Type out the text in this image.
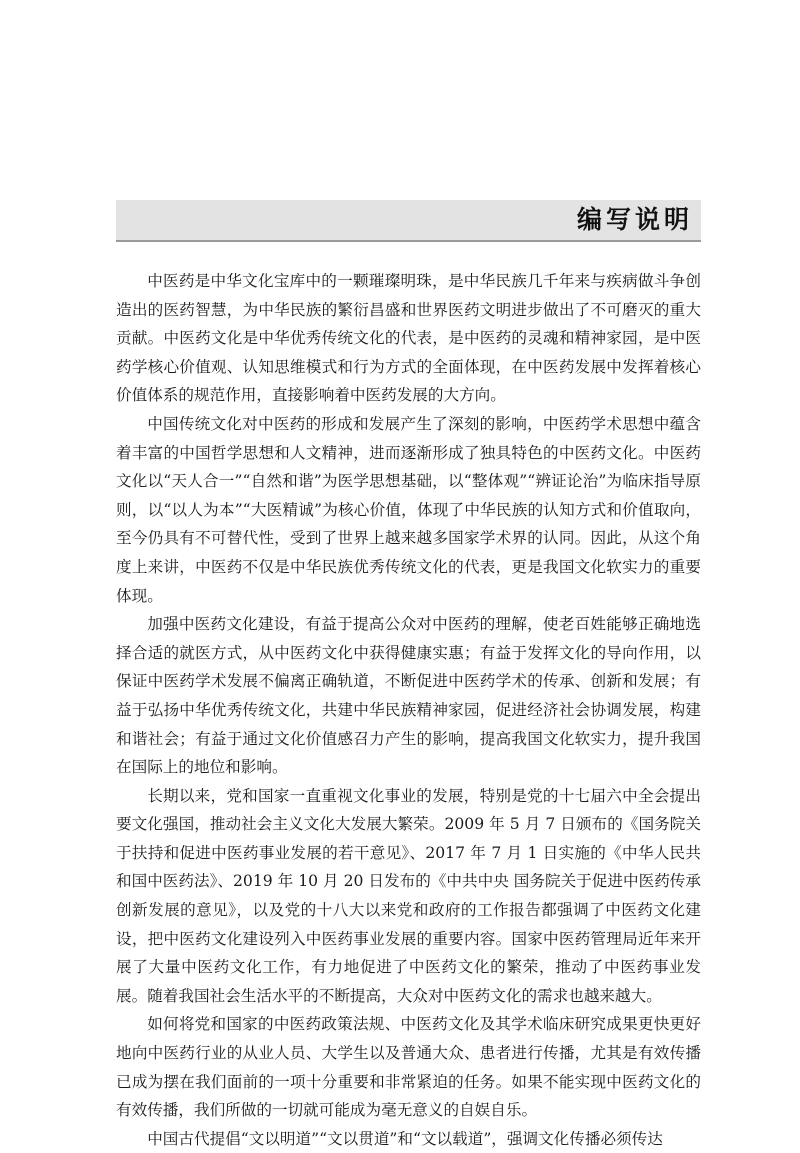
编写说明

中医药是中华文化宝库中的一颗璀璨明珠，是中华民族几千年来与疾病做斗争创造出的医药智慧，为中华民族的繁衍昌盛和世界医药文明进步做出了不可磨灭的重大贡献。中医药文化是中华优秀传统文化的代表，是中医药的灵魂和精神家园，是中医药学核心价值观、认知思维模式和行为方式的全面体现，在中医药发展中发挥着核心价值体系的规范作用，直接影响着中医药发展的大方向。

中国传统文化对中医药的形成和发展产生了深刻的影响，中医药学术思想中蕴含着丰富的中国哲学思想和人文精神，进而逐渐形成了独具特色的中医药文化。中医药文化以“天人合一”“自然和谐”为医学思想基础，以“整体观”“辨证论治”为临床指导原则，以“以人为本”“大医精诚”为核心价值，体现了中华民族的认知方式和价值取向，至今仍具有不可替代性，受到了世界上越来越多国家学术界的认同。因此，从这个角度上来讲，中医药不仅是中华民族优秀传统文化的代表，更是我国文化软实力的重要体现。

加强中医药文化建设，有益于提高公众对中医药的理解，使老百姓能够正确地选择合适的就医方式，从中医药文化中获得健康实惠；有益于发挥文化的导向作用，以保证中医药学术发展不偏离正确轨道，不断促进中医药学术的传承、创新和发展；有益于弘扬中华优秀传统文化，共建中华民族精神家园，促进经济社会协调发展，构建和谐社会；有益于通过文化价值感召力产生的影响，提高我国文化软实力，提升我国在国际上的地位和影响。

长期以来，党和国家一直重视文化事业的发展，特别是党的十七届六中全会提出要文化强国，推动社会主义文化大发展大繁荣。2009 年 5 月 7 日颁布的《国务院关于扶持和促进中医药事业发展的若干意见》、2017 年 7 月 1 日实施的《中华人民共和国中医药法》、2019 年 10 月 20 日发布的《中共中央 国务院关于促进中医药传承创新发展的意见》，以及党的十八大以来党和政府的工作报告都强调了中医药文化建设，把中医药文化建设列入中医药事业发展的重要内容。国家中医药管理局近年来开展了大量中医药文化工作，有力地促进了中医药文化的繁荣，推动了中医药事业发展。随着我国社会生活水平的不断提高，大众对中医药文化的需求也越来越大。

如何将党和国家的中医药政策法规、中医药文化及其学术临床研究成果更快更好地向中医药行业的从业人员、大学生以及普通大众、患者进行传播，尤其是有效传播已成为摆在我们面前的一项十分重要和非常紧迫的任务。如果不能实现中医药文化的有效传播，我们所做的一切就可能成为毫无意义的自娱自乐。

中国古代提倡“文以明道”“文以贯道”和“文以载道”，强调文化传播必须传达
